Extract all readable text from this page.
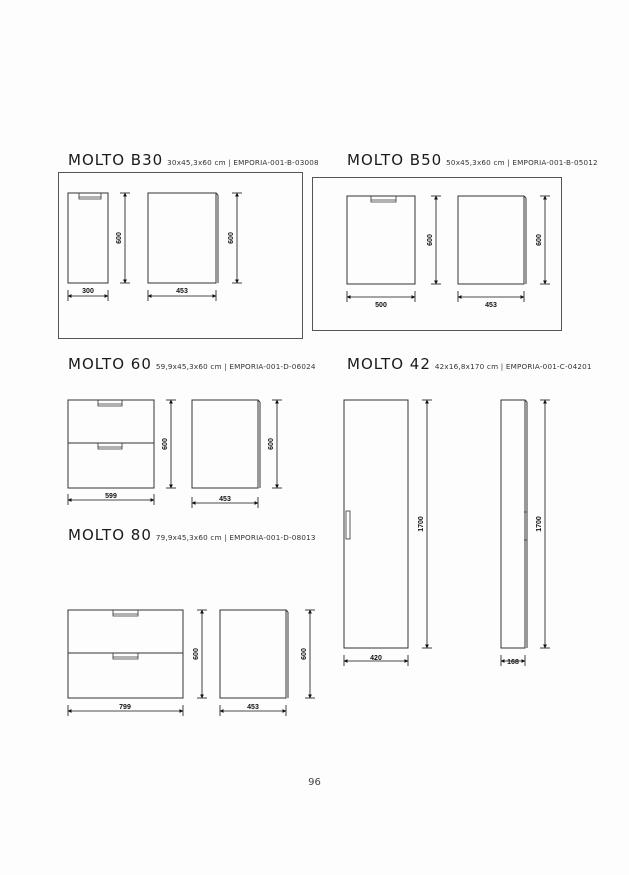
MOLTO B30 30x45,3x60 cm | EMPORIA-001-B-03008 MOLTO B50 50x45,3x60 cm | EMPORIA-001-B-05012
MOLTO 60 59,9x45,3x60 cm | EMPORIA-001-D-06024 MOLTO 42 42x16,8x170 cm | EMPORIA-001-C-04201
MOLTO 80 79,9x45,3x60 cm | EMPORIA-001-D-08013
300	453
600	600
500	453
600	600
599	453
600	600
420
168
1700	1700
799	453
600	600
96
